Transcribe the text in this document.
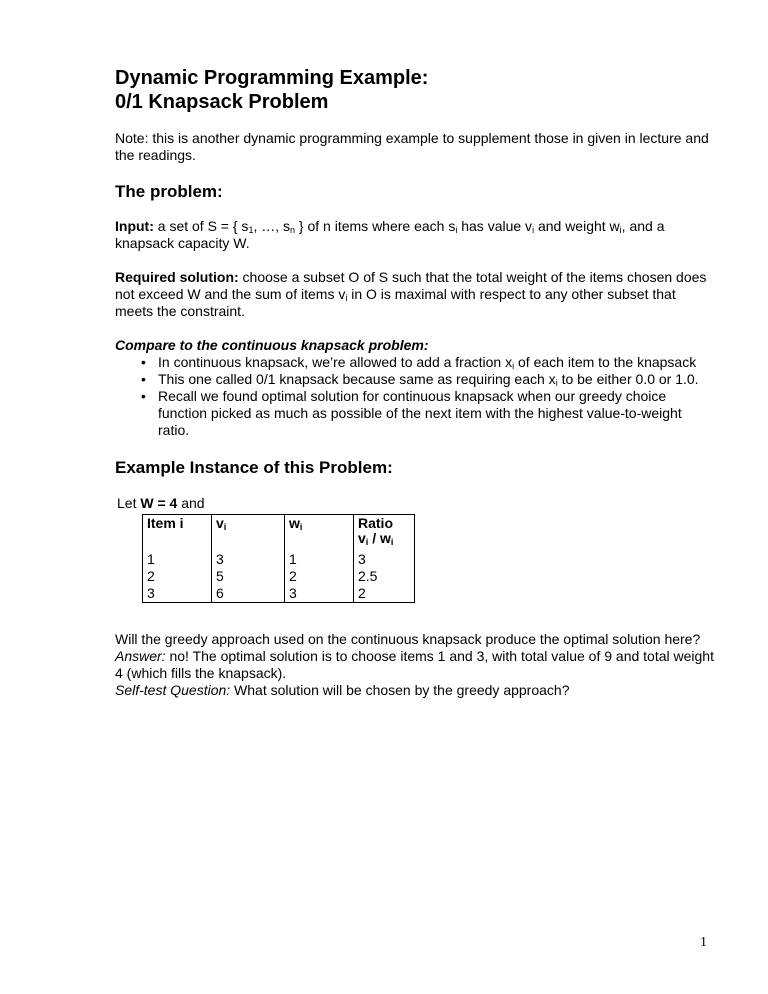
Dynamic Programming Example:
0/1 Knapsack Problem

Note: this is another dynamic programming example to supplement those in given in lecture and the readings.

The problem:

Input: a set of S = { $s_1$, …, $s_n$ } of n items where each $s_i$ has value $v_i$ and weight $w_i$, and a knapsack capacity W.

Required solution: choose a subset O of S such that the total weight of the items chosen does not exceed W and the sum of items $v_i$ in O is maximal with respect to any other subset that meets the constraint.

Compare to the continuous knapsack problem:

• In continuous knapsack, we’re allowed to add a fraction $x_i$ of each item to the knapsack
• This one called 0/1 knapsack because same as requiring each $x_i$ to be either 0.0 or 1.0.
• Recall we found optimal solution for continuous knapsack when our greedy choice function picked as much as possible of the next item with the highest value-to-weight ratio.
Example Instance of this Problem:

Let W = 4 and

Item i	$v_i$	$w_i$	Ratio
$v_i / w_i$
1	3	1	3
2	5	2	2.5
3	6	3	2

Will the greedy approach used on the continuous knapsack produce the optimal solution here?

Answer: no! The optimal solution is to choose items 1 and 3, with total value of 9 and total weight 4 (which fills the knapsack).

Self-test Question: What solution will be chosen by the greedy approach?

1
